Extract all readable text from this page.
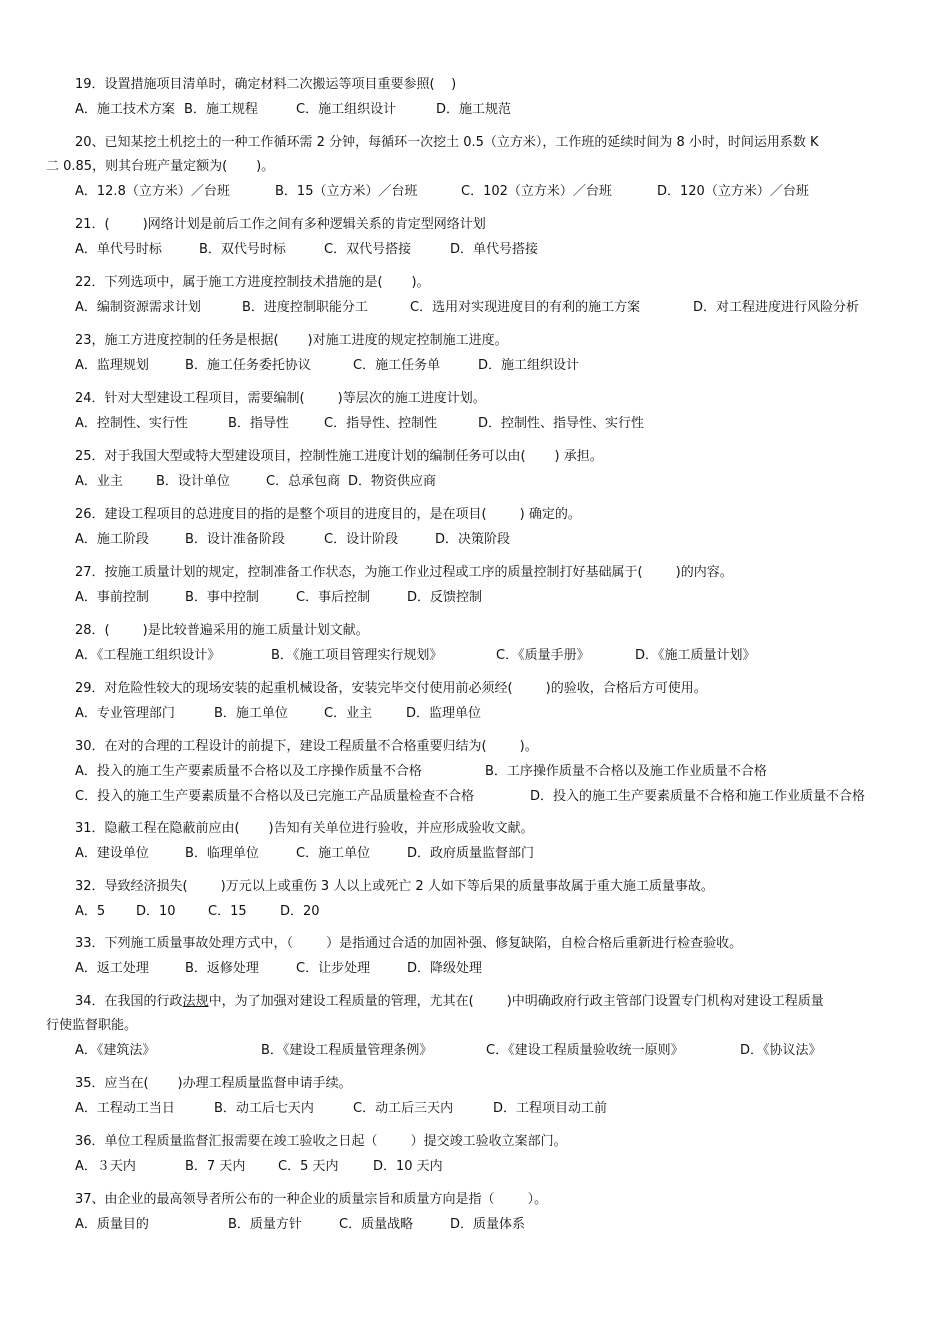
19．设置措施项目清单时，确定材料二次搬运等项目重要参照(    )
A．施工技术方案 B．施工规程	C．施工组织设计	D．施工规范
20、已知某挖土机挖土的一种工作循环需 2 分钟，每循环一次挖土 0.5（立方米），工作班的延续时间为 8 小时，时间运用系数 K
二 0.85，则其台班产量定额为(       )。
A．12.8（立方米）／台班	B．15（立方米）／台班	C．102（立方米）／台班	D．120（立方米）／台班
21．(        )网络计划是前后工作之间有多种逻辑关系的肯定型网络计划
A．单代号时标	B．双代号时标	C．双代号搭接	D．单代号搭接
22．下列选项中，属于施工方进度控制技术措施的是(       )。
A．编制资源需求计划	B．进度控制职能分工	C．选用对实现进度目的有利的施工方案	D．对工程进度进行风险分析
23，施工方进度控制的任务是根据(       )对施工进度的规定控制施工进度。
A．监理规划	B．施工任务委托协议	C．施工任务单	D．施工组织设计
24．针对大型建设工程项目，需要编制(        )等层次的施工进度计划。
A．控制性、实行性	B．指导性	C．指导性、控制性	D．控制性、指导性、实行性
25．对于我国大型或特大型建设项目，控制性施工进度计划的编制任务可以由(       ) 承担。
A．业主	B．设计单位	C．总承包商 D．物资供应商
26．建设工程项目的总进度目的指的是整个项目的进度目的，是在项目(        ) 确定的。
A．施工阶段	B．设计准备阶段	C．设计阶段	D．决策阶段
27．按施工质量计划的规定，控制准备工作状态，为施工作业过程或工序的质量控制打好基础属于(        )的内容。
A．事前控制	B．事中控制	C．事后控制	D．反馈控制
28．(        )是比较普遍采用的施工质量计划文献。
A．《工程施工组织设计》	B．《施工项目管理实行规划》	C．《质量手册》	D．《施工质量计划》
29．对危险性较大的现场安装的起重机械设备，安装完毕交付使用前必须经(        )的验收，合格后方可使用。
A．专业管理部门	B．施工单位	C．业主	D．监理单位
30．在对的合理的工程设计的前提下，建设工程质量不合格重要归结为(        )。
A．投入的施工生产要素质量不合格以及工序操作质量不合格	B．工序操作质量不合格以及施工作业质量不合格
C．投入的施工生产要素质量不合格以及已完施工产品质量检查不合格	D．投入的施工生产要素质量不合格和施工作业质量不合格
31．隐蔽工程在隐蔽前应由(       )告知有关单位进行验收，并应形成验收文献。
A．建设单位	B．临理单位	C．施工单位	D．政府质量监督部门
32．导致经济损失(        )万元以上或重伤 3 人以上或死亡 2 人如下等后果的质量事故属于重大施工质量事故。
A．5 D．10 C．15	D．20
33．下列施工质量事故处理方式中，（        ）是指通过合适的加固补强、修复缺陷，自检合格后重新进行检查验收。
A．返工处理	B．返修处理	C．让步处理	D．降级处理
34．在我国的行政法规中，为了加强对建设工程质量的管理，尤其在(        )中明确政府行政主管部门设置专门机构对建设工程质量
行使监督职能。
A．《建筑法》	B．《建设工程质量管理条例》	C．《建设工程质量验收统一原则》	D．《协议法》
35．应当在(       )办理工程质量监督申请手续。
A．工程动工当日	B．动工后七天内	C．动工后三天内	D．工程项目动工前
36．单位工程质量监督汇报需要在竣工验收之日起（        ）提交竣工验收立案部门。
A．３天内	B．7 天内	C．5 天内	D．10 天内
37、由企业的最高领导者所公布的一种企业的质量宗旨和质量方向是指（        ）。
A．质量目的	B．质量方针	C．质量战略	D．质量体系
